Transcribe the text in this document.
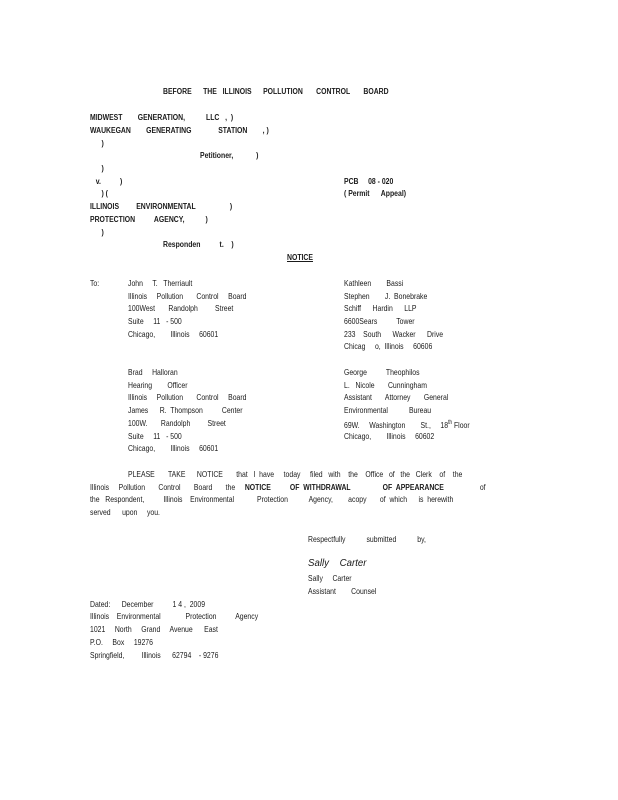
BEFORE      THE   ILLINOIS      POLLUTION       CONTROL       BOARD
MIDWEST        GENERATION,           LLC   ,  )
WAUKEGAN        GENERATING              STATION        , )
)
Petitioner,            )
)
v.          )
) (
ILLINOIS         ENVIRONMENTAL                  )
PROTECTION          AGENCY,           )
)
Responden          t.    )
PCB     08 - 020
( Permit      Appeal)
NOTICE
To:	John     T.   Therriault
Illinois     Pollution       Control     Board
100West       Randolph         Street
Suite     11   - 500
Chicago,        Illinois     60601
Kathleen        Bassi
Stephen        J.  Bonebrake
Schiff      Hardin      LLP
6600Sears          Tower
233    South      Wacker      Drive
Chicag     o,  Illinois     60606
Brad     Halloran
Hearing        Officer
Illinois     Pollution       Control     Board
James      R.  Thompson          Center
100W.       Randolph         Street
Suite     11   - 500
Chicago,        Illinois     60601
George          Theophilos
L.   Nicole       Cunningham
Assistant       Attorney       General
Environmental           Bureau
69W.     Washington        St.,     18th Floor
Chicago,        Illinois     60602
PLEASE       TAKE      NOTICE       that   I  have     today     filed   with    the    Office   of   the   Clerk    of    the
Illinois     Pollution       Control       Board       the NOTICE          OF  WITHDRAWAL	OF  APPEARANCE	of
the   Respondent,          Illinois    Environmental            Protection           Agency,        acopy       of  which      is  herewith
served      upon     you.
Respectfully           submitted           by,
Sally    Carter
Sally     Carter
Assistant        Counsel
Dated:      December          1 4 ,  2009
Illinois    Environmental             Protection          Agency
1021     North     Grand     Avenue      East
P.O.     Box     19276
Springfield,         Illinois      62794    - 9276
